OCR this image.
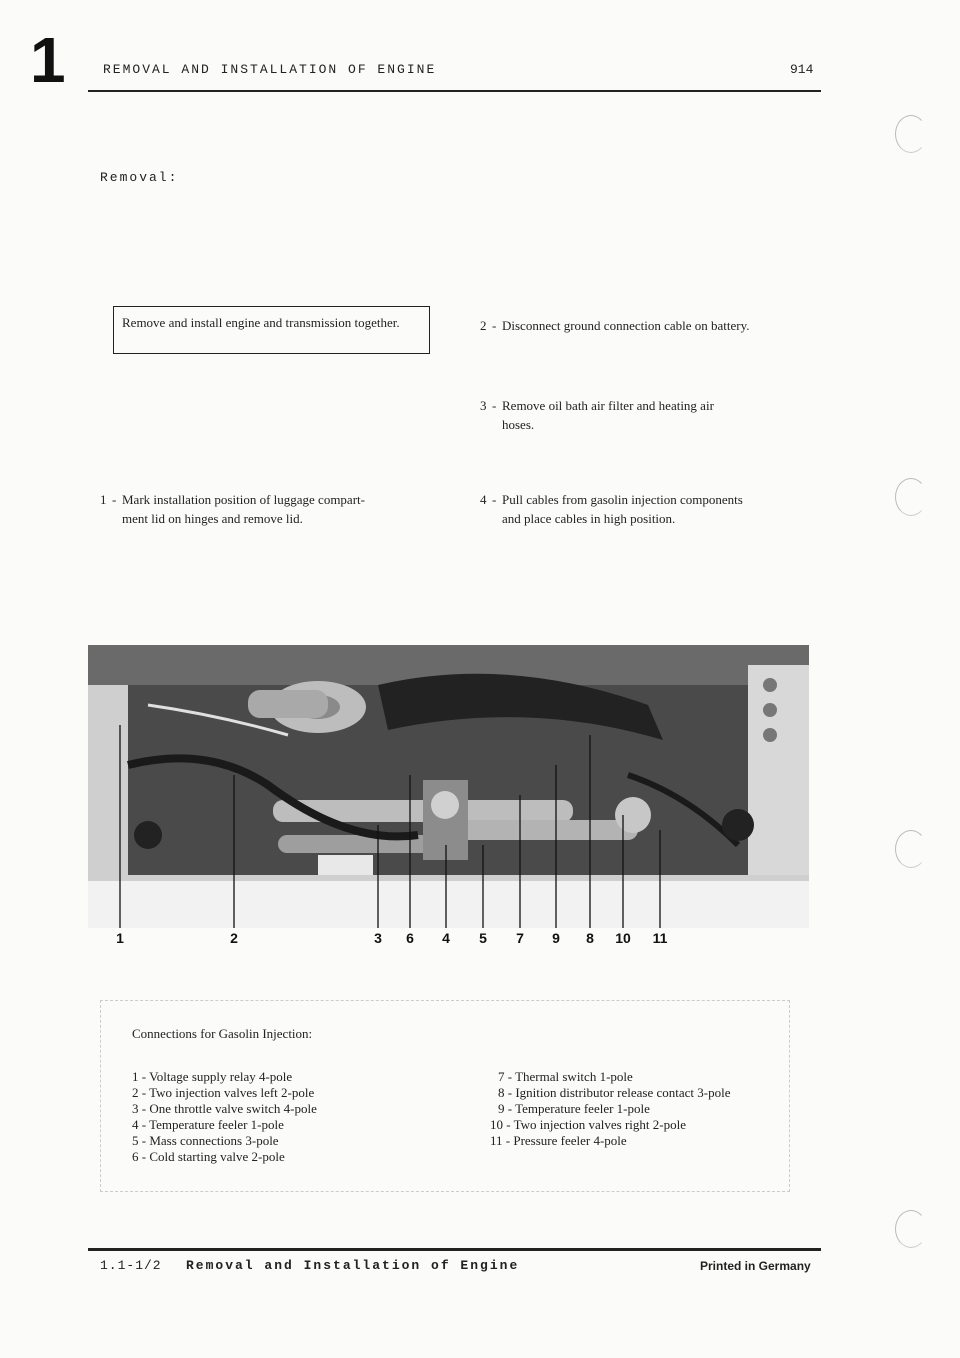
1	REMOVAL AND INSTALLATION OF ENGINE	914
Removal:
Remove and install engine and transmission together.
1 - Mark installation position of luggage compart-
ment lid on hinges and remove lid.
2 - Disconnect ground connection cable on battery.
3 - Remove oil bath air filter and heating air
hoses.
4 - Pull cables from gasolin injection components
and place cables in high position.
1	2	3 6 4 5 7 9 8 10 11
Connections for Gasolin Injection:
1 - Voltage supply relay 4-pole
2 - Two injection valves left 2-pole
3 - One throttle valve switch 4-pole
4 - Temperature feeler 1-pole
5 - Mass connections 3-pole
6 - Cold starting valve 2-pole
7 - Thermal switch 1-pole
8 - Ignition distributor release contact 3-pole
9 - Temperature feeler 1-pole
10 - Two injection valves right 2-pole
11 - Pressure feeler 4-pole
1.1-1/2 Removal and Installation of Engine	Printed in Germany
